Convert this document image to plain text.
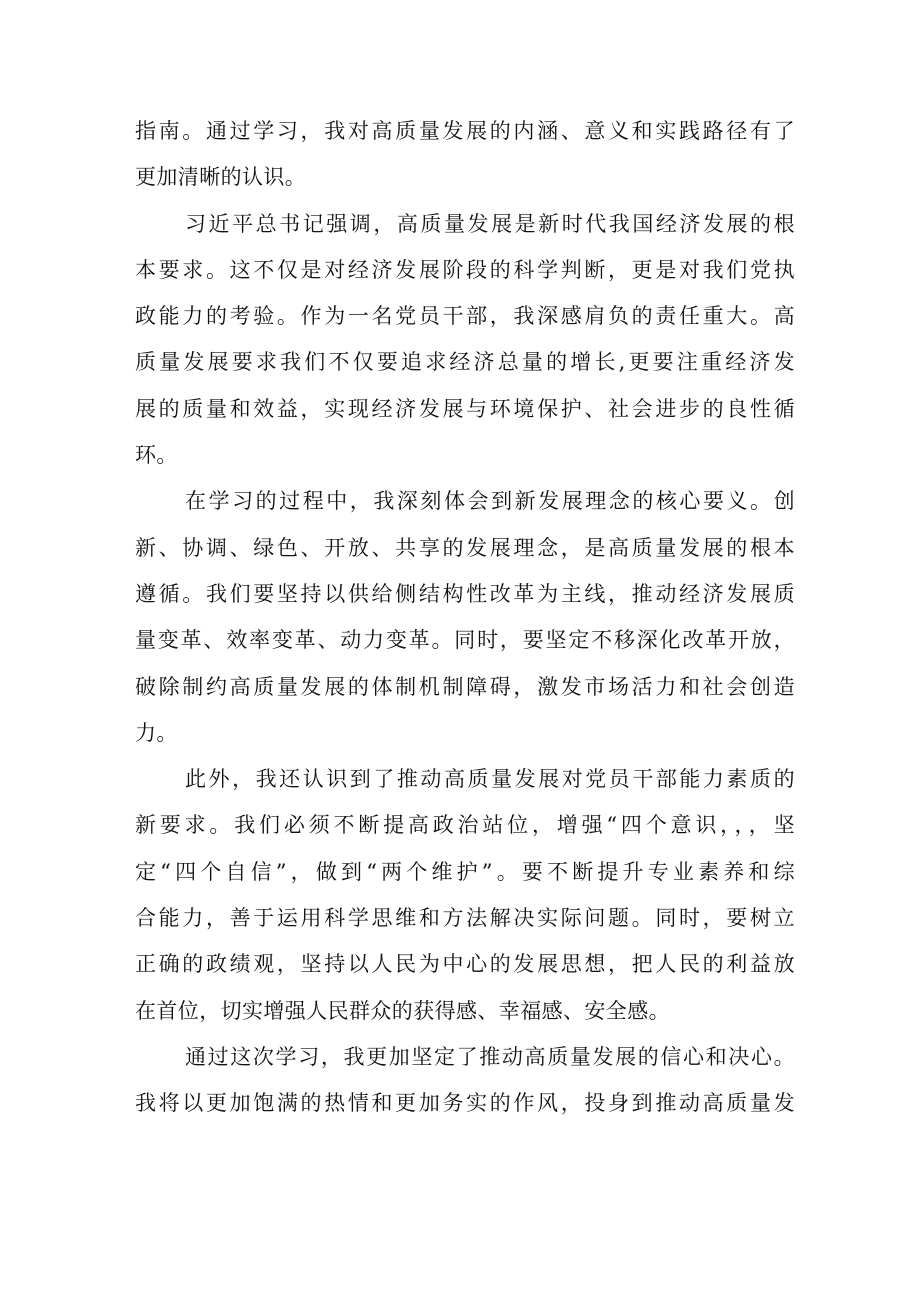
指南。通过学习，我对高质量发展的内涵、意义和实践路径有了
更加清晰的认识。
习近平总书记强调，高质量发展是新时代我国经济发展的根
本要求。这不仅是对经济发展阶段的科学判断，更是对我们党执
政能力的考验。作为一名党员干部，我深感肩负的责任重大。高
质量发展要求我们不仅要追求经济总量的增长,更要注重经济发
展的质量和效益，实现经济发展与环境保护、社会进步的良性循
环。
在学习的过程中，我深刻体会到新发展理念的核心要义。创
新、协调、绿色、开放、共享的发展理念，是高质量发展的根本
遵循。我们要坚持以供给侧结构性改革为主线，推动经济发展质
量变革、效率变革、动力变革。同时，要坚定不移深化改革开放，
破除制约高质量发展的体制机制障碍，激发市场活力和社会创造
力。
此外，我还认识到了推动高质量发展对党员干部能力素质的
新要求。我们必须不断提高政治站位，增强“四个意识，，，坚
定“四个自信”，做到“两个维护”。要不断提升专业素养和综
合能力，善于运用科学思维和方法解决实际问题。同时，要树立
正确的政绩观，坚持以人民为中心的发展思想，把人民的利益放
在首位，切实增强人民群众的获得感、幸福感、安全感。
通过这次学习，我更加坚定了推动高质量发展的信心和决心。
我将以更加饱满的热情和更加务实的作风，投身到推动高质量发
